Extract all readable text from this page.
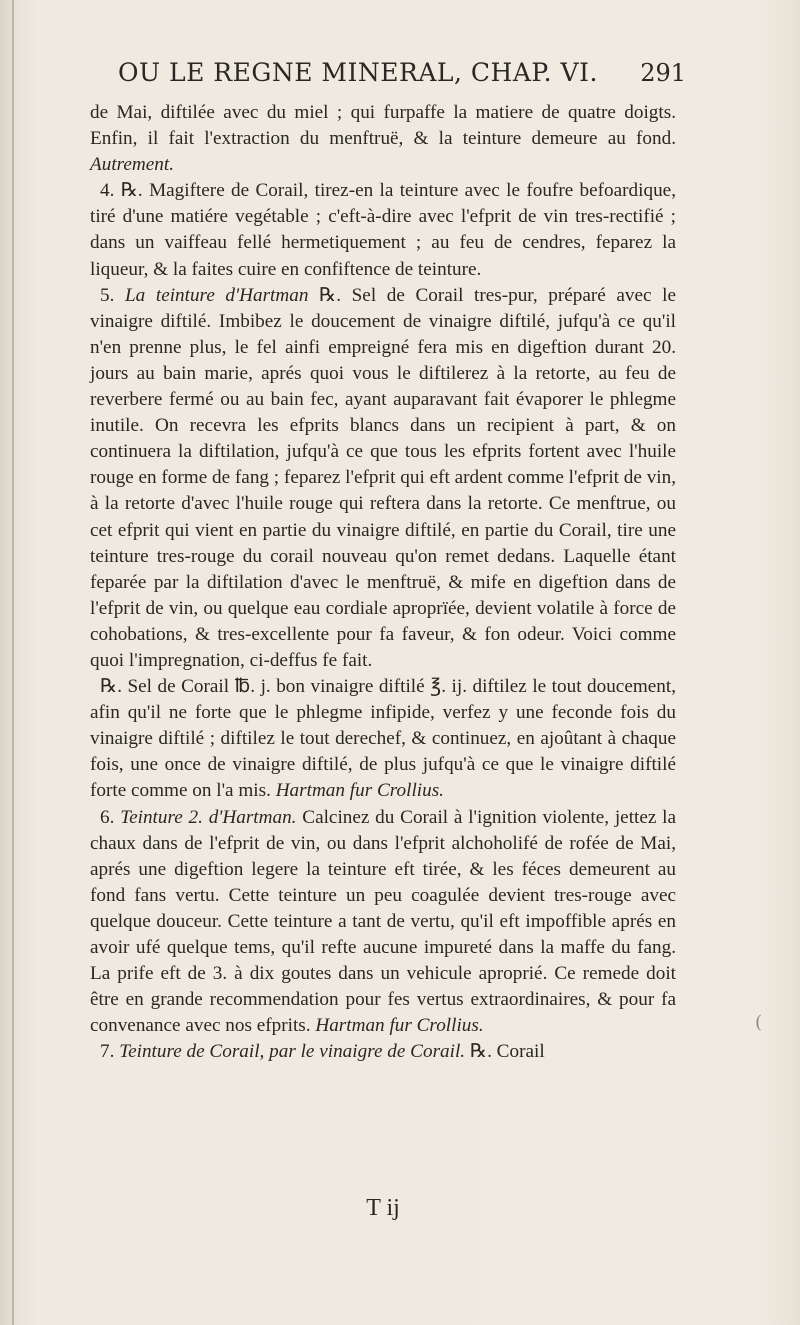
OU LE REGNE MINERAL, CHAP. VI. 291

de Mai, diftilée avec du miel ; qui furpaffe la matiere de quatre doigts. Enfin, il fait l'extraction du menftruë, & la teinture demeure au fond. Autrement.

4. ℞. Magiftere de Corail, tirez-en la teinture avec le foufre befoardique, tiré d'une matiére vegétable ; c'eft-à-dire avec l'efprit de vin tres-rectifié ; dans un vaiffeau fellé hermetiquement ; au feu de cendres, feparez la liqueur, & la faites cuire en confiftence de teinture.

5. La teinture d'Hartman ℞. Sel de Corail tres-pur, préparé avec le vinaigre diftilé. Imbibez le doucement de vinaigre diftilé, jufqu'à ce qu'il n'en prenne plus, le fel ainfi empreigné fera mis en digeftion durant 20. jours au bain marie, aprés quoi vous le diftilerez à la retorte, au feu de reverbere fermé ou au bain fec, ayant auparavant fait évaporer le phlegme inutile. On recevra les efprits blancs dans un recipient à part, & on continuera la diftilation, jufqu'à ce que tous les efprits fortent avec l'huile rouge en forme de fang ; feparez l'efprit qui eft ardent comme l'efprit de vin, à la retorte d'avec l'huile rouge qui reftera dans la retorte. Ce menftrue, ou cet efprit qui vient en partie du vinaigre diftilé, en partie du Corail, tire une teinture tres-rouge du corail nouveau qu'on remet dedans. Laquelle étant feparée par la diftilation d'avec le menftruë, & mife en digeftion dans de l'efprit de vin, ou quelque eau cordiale aproprïée, devient volatile à force de cohobations, & tres-excellente pour fa faveur, & fon odeur. Voici comme quoi l'impregnation, ci-deffus fe fait.

℞. Sel de Corail ℔. j. bon vinaigre diftilé ℥. ij. diftilez le tout doucement, afin qu'il ne forte que le phlegme infipide, verfez y une feconde fois du vinaigre diftilé ; diftilez le tout derechef, & continuez, en ajoûtant à chaque fois, une once de vinaigre diftilé, de plus jufqu'à ce que le vinaigre diftilé forte comme on l'a mis. Hartman fur Crollius.

6. Teinture 2. d'Hartman. Calcinez du Corail à l'ignition violente, jettez la chaux dans de l'efprit de vin, ou dans l'efprit alchoholifé de rofée de Mai, aprés une digeftion legere la teinture eft tirée, & les féces demeurent au fond fans vertu. Cette teinture un peu coagulée devient tres-rouge avec quelque douceur. Cette teinture a tant de vertu, qu'il eft impoffible aprés en avoir ufé quelque tems, qu'il refte aucune impureté dans la maffe du fang. La prife eft de 3. à dix goutes dans un vehicule aproprié. Ce remede doit être en grande recommendation pour fes vertus extraordinaires, & pour fa convenance avec nos efprits. Hartman fur Crollius.

7. Teinture de Corail, par le vinaigre de Corail. ℞. Corail

T ij
(
